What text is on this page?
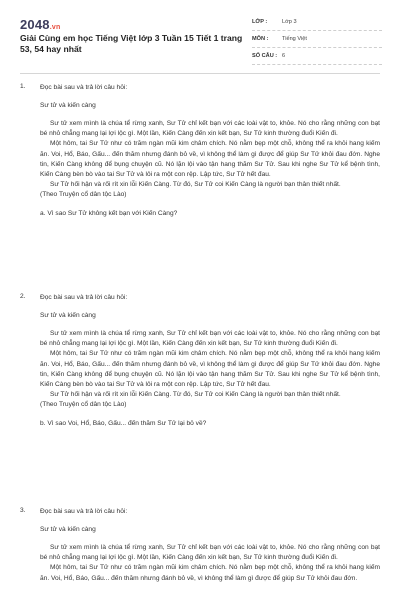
2048.vn
Giải Cùng em học Tiếng Việt lớp 3 Tuần 15 Tiết 1 trang 53, 54 hay nhất
LỚP :	Lớp 3
MÔN :	Tiếng Việt
SỐ CÂU : 6
1. Đọc bài sau và trả lời câu hỏi:
Sư tử và kiến càng

Sư tử xem mình là chúa tể rừng xanh, Sư Tử chỉ kết bạn với các loài vật to, khỏe. Nó cho rằng những con bạt bé nhỏ chẳng mang lại lợi lộc gì. Một lần, Kiến Càng đến xin kết bạn, Sư Tử kinh thường đuổi Kiến đi.

Một hôm, tai Sư Tử như có trăm ngàn mũi kim châm chích. Nó nằm bẹp một chỗ, không thể ra khỏi hang kiếm ăn. Voi, Hổ, Báo, Gấu... đến thăm nhưng đánh bỏ về, vì không thể làm gì được để giúp Sư Tử khỏi đau đớn. Nghe tin, Kiến Càng không để bụng chuyện cũ. Nó lặn lội vào tận hang thăm Sư Tử. Sau khi nghe Sư Tử kể bệnh tình, Kiến Càng bèn bò vào tai Sư Tử và lôi ra một con rệp. Lập tức, Sư Tử hết đau.

Sư Tử hối hận và rối rít xin lỗi Kiến Càng. Từ đó, Sư Tử coi Kiến Càng là người bạn thân thiết nhất.

(Theo Truyện cổ dân tộc Lào)
a. Vì sao Sư Tử không kết bạn với Kiến Càng?
2. Đọc bài sau và trả lời câu hỏi:
Sư tử và kiến càng

Sư tử xem mình là chúa tể rừng xanh, Sư Tử chỉ kết bạn với các loài vật to, khỏe. Nó cho rằng những con bạt bé nhỏ chẳng mang lại lợi lộc gì. Một lần, Kiến Càng đến xin kết bạn, Sư Tử kinh thường đuổi Kiến đi.

Một hôm, tai Sư Tử như có trăm ngàn mũi kim châm chích. Nó nằm bẹp một chỗ, không thể ra khỏi hang kiếm ăn. Voi, Hổ, Báo, Gấu... đến thăm nhưng đánh bỏ về, vì không thể làm gì được để giúp Sư Tử khỏi đau đớn. Nghe tin, Kiến Càng không để bụng chuyện cũ. Nó lặn lội vào tận hang thăm Sư Tử. Sau khi nghe Sư Tử kể bệnh tình, Kiến Càng bèn bò vào tai Sư Tử và lôi ra một con rệp. Lập tức, Sư Tử hết đau.

Sư Tử hối hận và rối rít xin lỗi Kiến Càng. Từ đó, Sư Tử coi Kiến Càng là người bạn thân thiết nhất.

(Theo Truyện cổ dân tộc Lào)
b. Vì sao Voi, Hổ, Báo, Gấu... đến thăm Sư Tử lại bỏ về?
3. Đọc bài sau và trả lời câu hỏi:
Sư tử và kiến càng

Sư tử xem mình là chúa tể rừng xanh, Sư Tử chỉ kết bạn với các loài vật to, khỏe. Nó cho rằng những con bạt bé nhỏ chẳng mang lại lợi lộc gì. Một lần, Kiến Càng đến xin kết bạn, Sư Tử kinh thường đuổi Kiến đi.

Một hôm, tai Sư Tử như có trăm ngàn mũi kim châm chích. Nó nằm bẹp một chỗ, không thể ra khỏi hang kiếm ăn. Voi, Hổ, Báo, Gấu... đến thăm nhưng đánh bỏ về, vì không thể làm gì được để giúp Sư Tử khỏi đau đớn.
